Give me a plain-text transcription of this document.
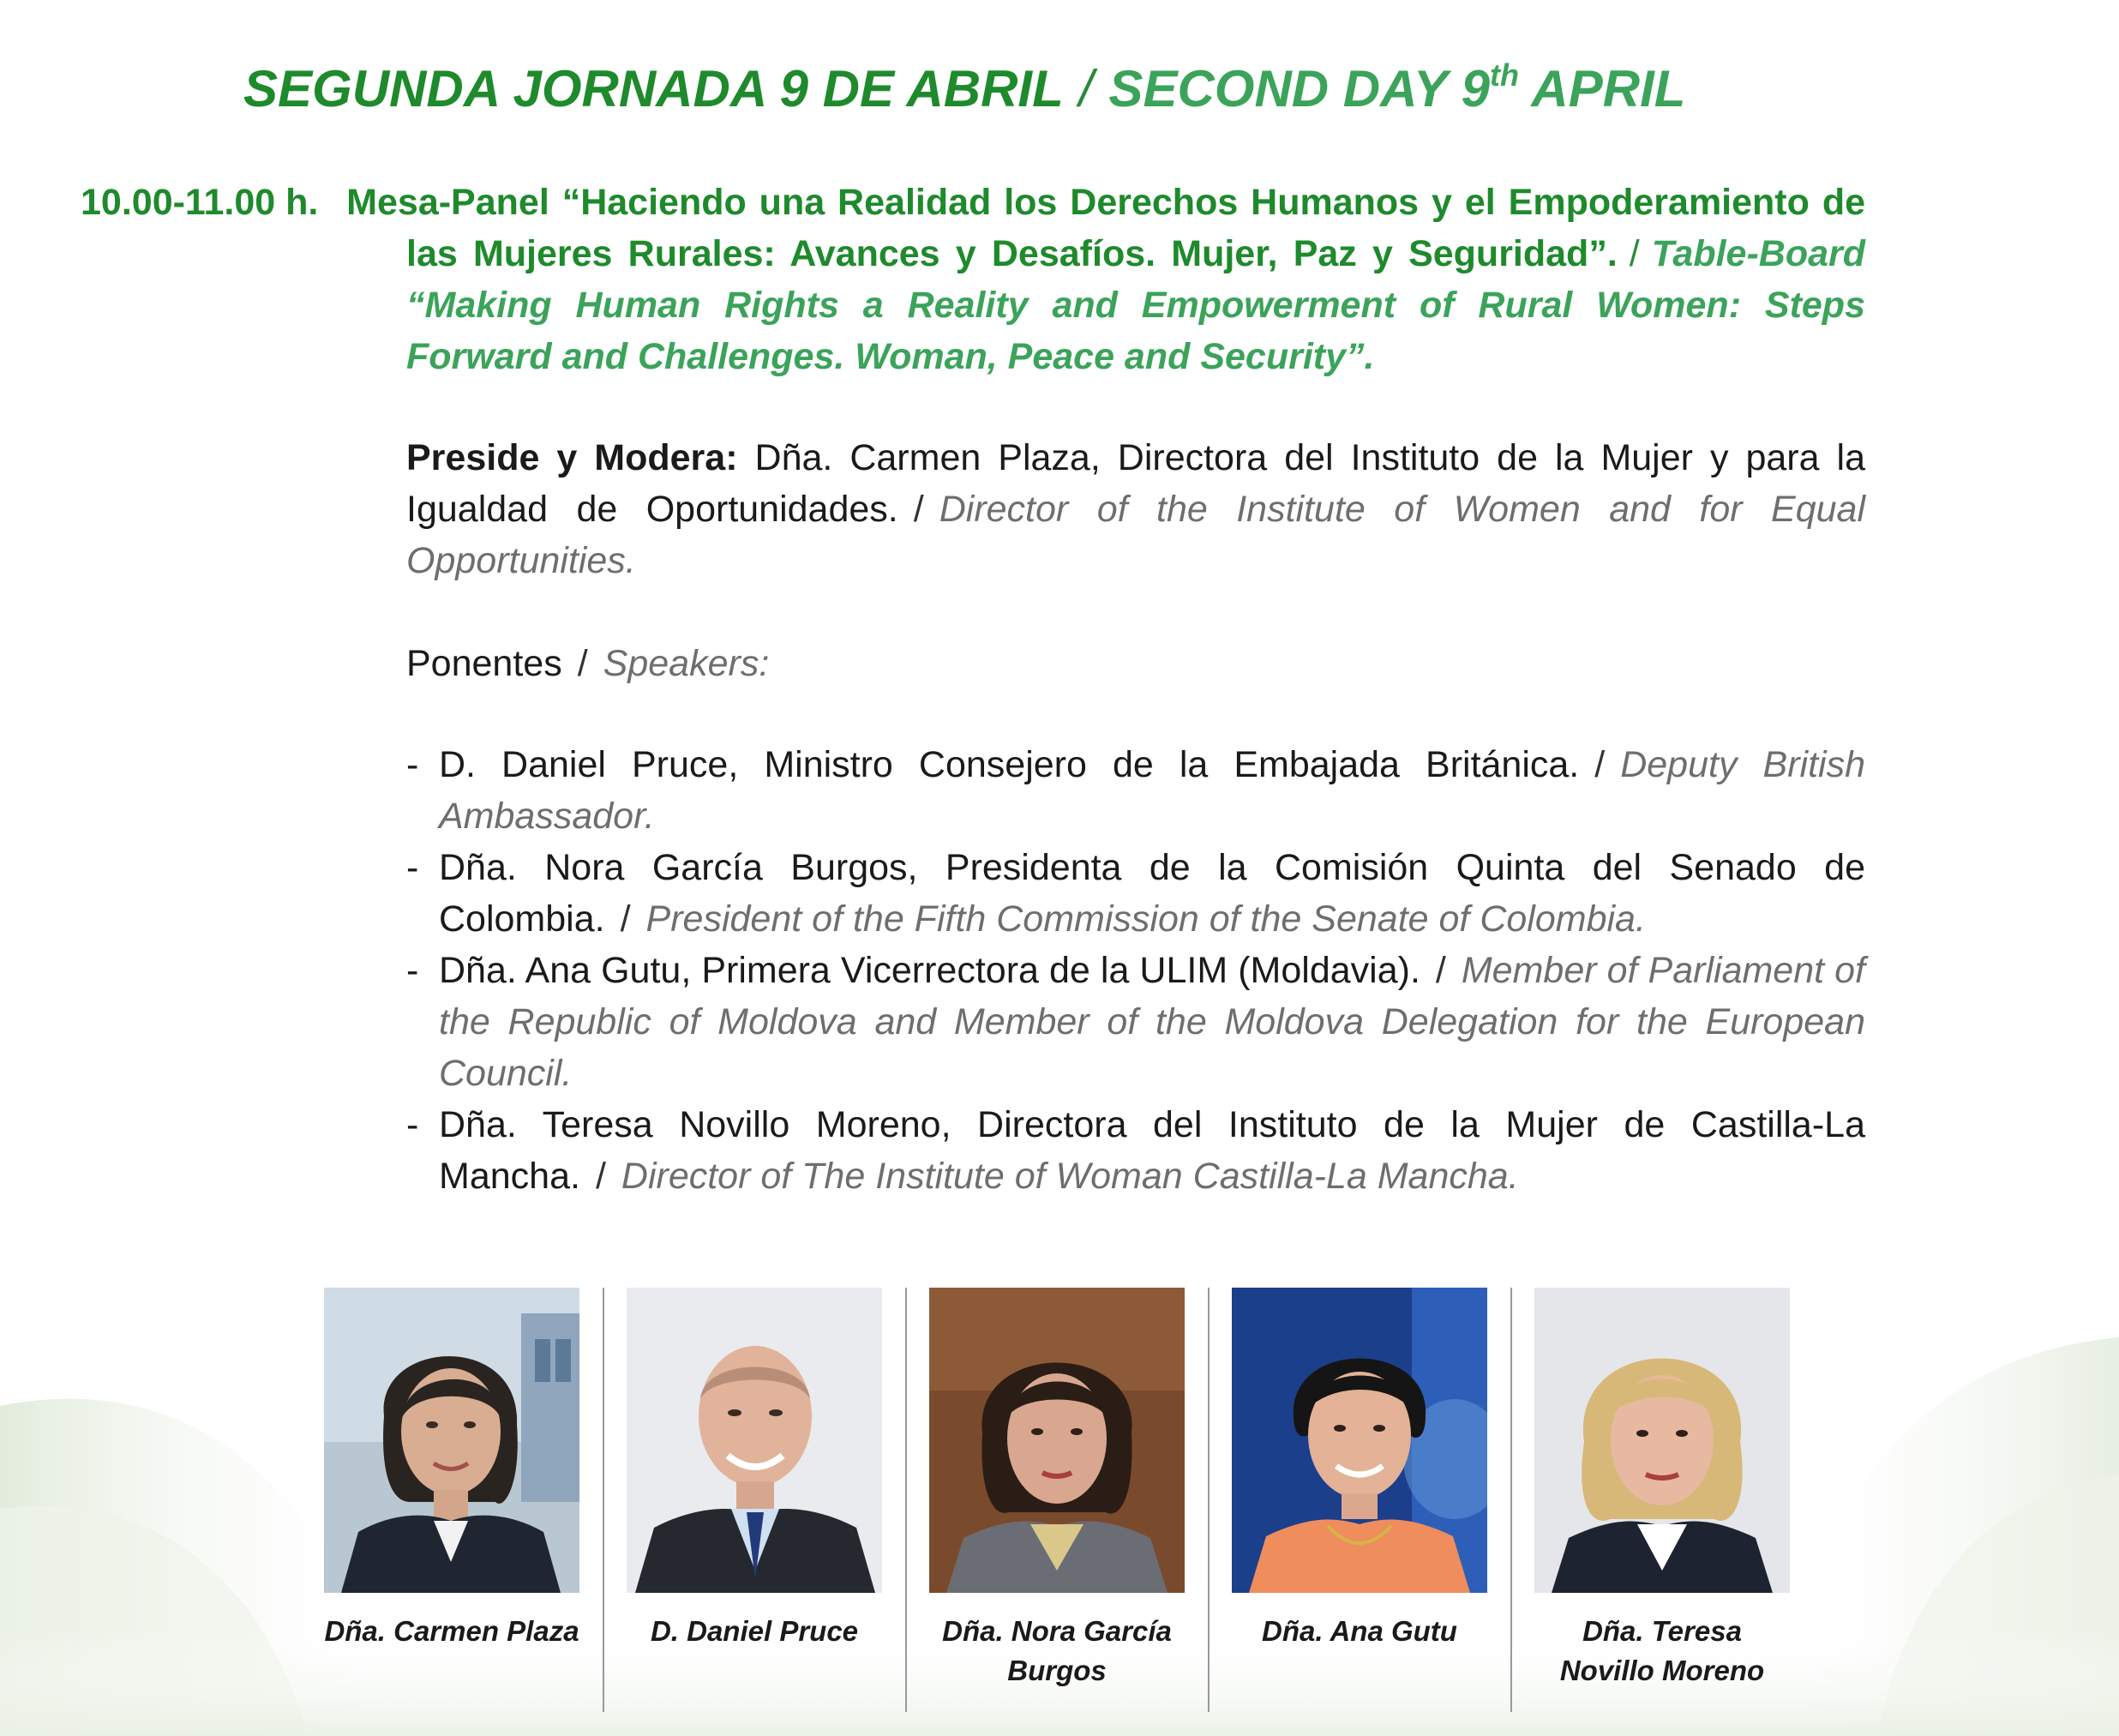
SEGUNDA JORNADA 9 DE ABRIL / SECOND DAY 9th APRIL
10.00-11.00 h. Mesa-Panel “Haciendo una Realidad los Derechos Humanos y el Empoderamiento de las Mujeres Rurales: Avances y Desafíos. Mujer, Paz y Seguridad”. / Table-Board “Making Human Rights a Reality and Empowerment of Rural Women: Steps Forward and Challenges. Woman, Peace and Security”.
Preside y Modera: Dña. Carmen Plaza, Directora del Instituto de la Mujer y para la Igualdad de Oportunidades. / Director of the Institute of Women and for Equal Opportunities.
Ponentes / Speakers:
- D. Daniel Pruce, Ministro Consejero de la Embajada Británica. / Deputy British Ambassador.
- Dña. Nora García Burgos, Presidenta de la Comisión Quinta del Senado de Colombia. / President of the Fifth Commission of the Senate of Colombia.
- Dña. Ana Gutu, Primera Vicerrectora de la ULIM (Moldavia). / Member of Parliament of the Republic of Moldova and Member of the Moldova Delegation for the European Council.
- Dña. Teresa Novillo Moreno, Directora del Instituto de la Mujer de Castilla-La Mancha. / Director of The Institute of Woman Castilla-La Mancha.
Dña. Carmen Plaza	D. Daniel Pruce	Dña. Nora García
Burgos
Dña. Ana Gutu	Dña. Teresa
Novillo Moreno
